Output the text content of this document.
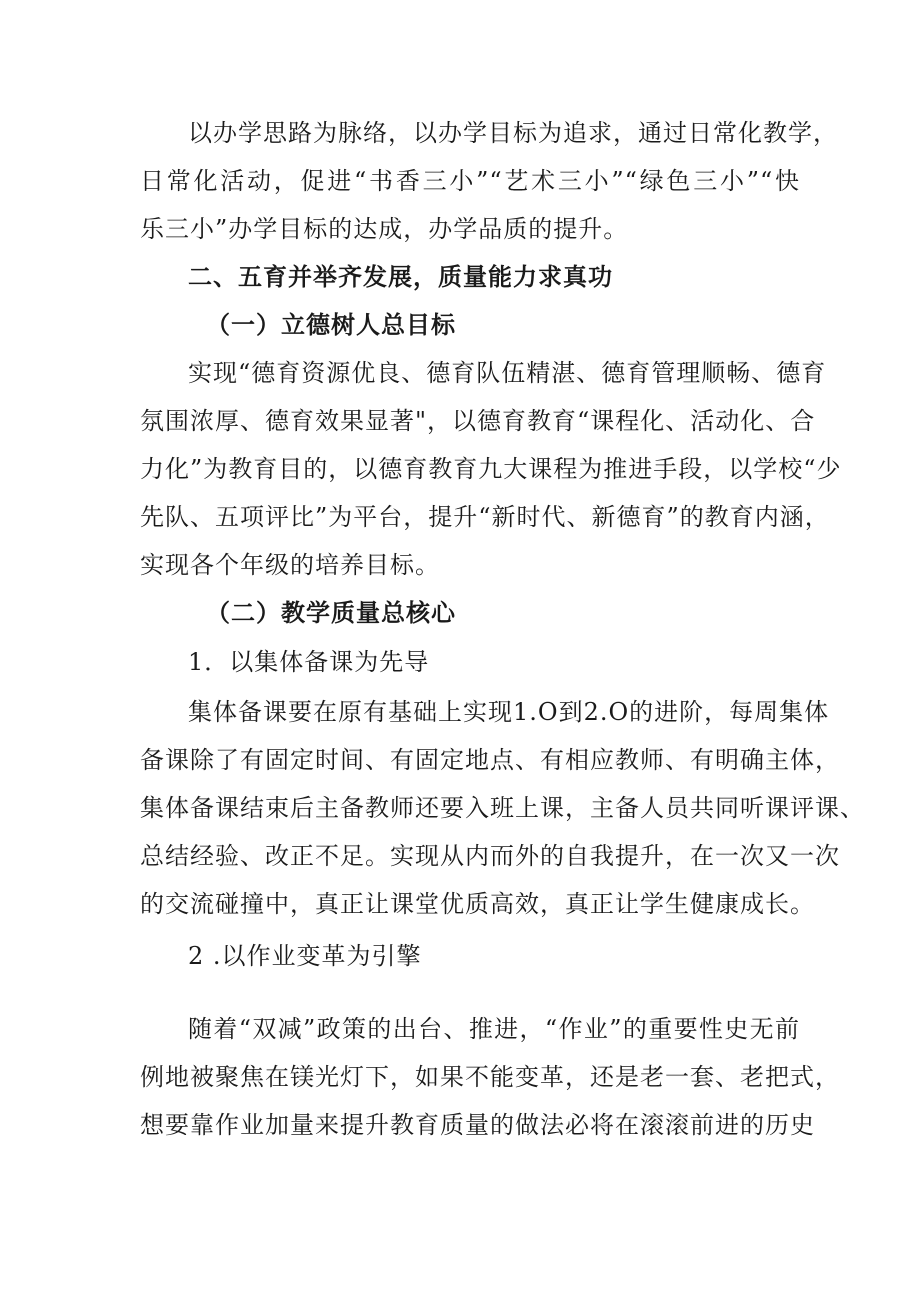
以办学思路为脉络，以办学目标为追求，通过日常化教学，
日常化活动，促进“书香三小”“艺术三小”“绿色三小”“快
乐三小”办学目标的达成，办学品质的提升。
二、五育并举齐发展，质量能力求真功
（一）立德树人总目标
实现“德育资源优良、德育队伍精湛、德育管理顺畅、德育
氛围浓厚、德育效果显著"，以德育教育“课程化、活动化、合
力化”为教育目的，以德育教育九大课程为推进手段，以学校“少
先队、五项评比”为平台，提升“新时代、新德育”的教育内涵，
实现各个年级的培养目标。
（二）教学质量总核心
1．以集体备课为先导
集体备课要在原有基础上实现1.O到2.O的进阶，每周集体
备课除了有固定时间、有固定地点、有相应教师、有明确主体，
集体备课结束后主备教师还要入班上课，主备人员共同听课评课、
总结经验、改正不足。实现从内而外的自我提升，在一次又一次
的交流碰撞中，真正让课堂优质高效，真正让学生健康成长。
2 .以作业变革为引擎
随着“双减”政策的出台、推进，“作业”的重要性史无前
例地被聚焦在镁光灯下，如果不能变革，还是老一套、老把式，
想要靠作业加量来提升教育质量的做法必将在滚滚前进的历史
